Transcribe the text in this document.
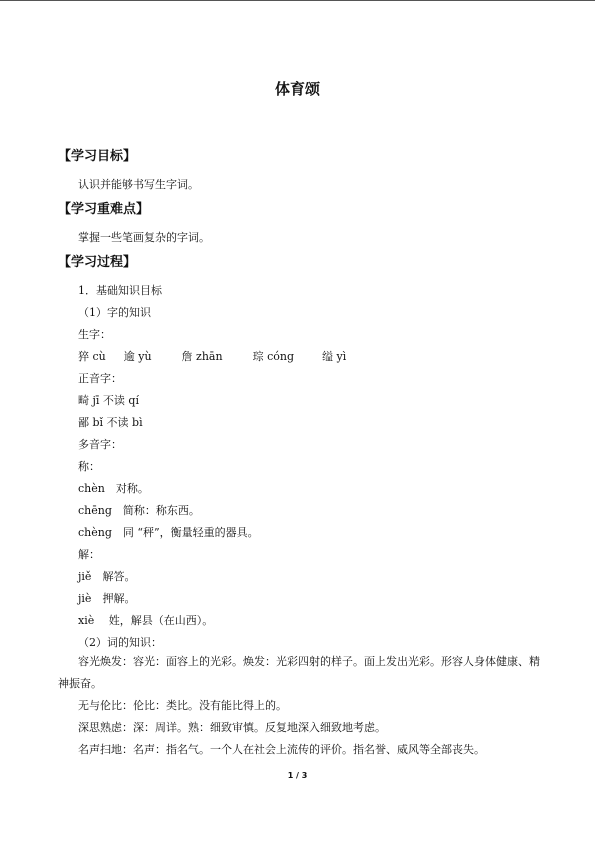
体育颂
【学习目标】
认识并能够书写生字词。
【学习重难点】
掌握一些笔画复杂的字词。
【学习过程】
1．基础知识目标
（1）字的知识
生字：
猝 cù 逾 yù	詹 zhān	琮 cóng	缢 yì
正音字：
畸 jī 不读 qí
鄙 bǐ 不读 bì
多音字：
称：
chèn　对称。
chēng　简称：称东西。
chèng　同 “秤”，衡量轻重的器具。
解：
jiě　解答。
jiè　押解。
xiè　 姓，解县（在山西）。
（2）词的知识：
容光焕发：容光：面容上的光彩。焕发：光彩四射的样子。面上发出光彩。形容人身体健康、精神振奋。
无与伦比：伦比：类比。没有能比得上的。
深思熟虑：深：周详。熟：细致审慎。反复地深入细致地考虑。
名声扫地：名声：指名气。一个人在社会上流传的评价。指名誉、威风等全部丧失。
1 / 3
